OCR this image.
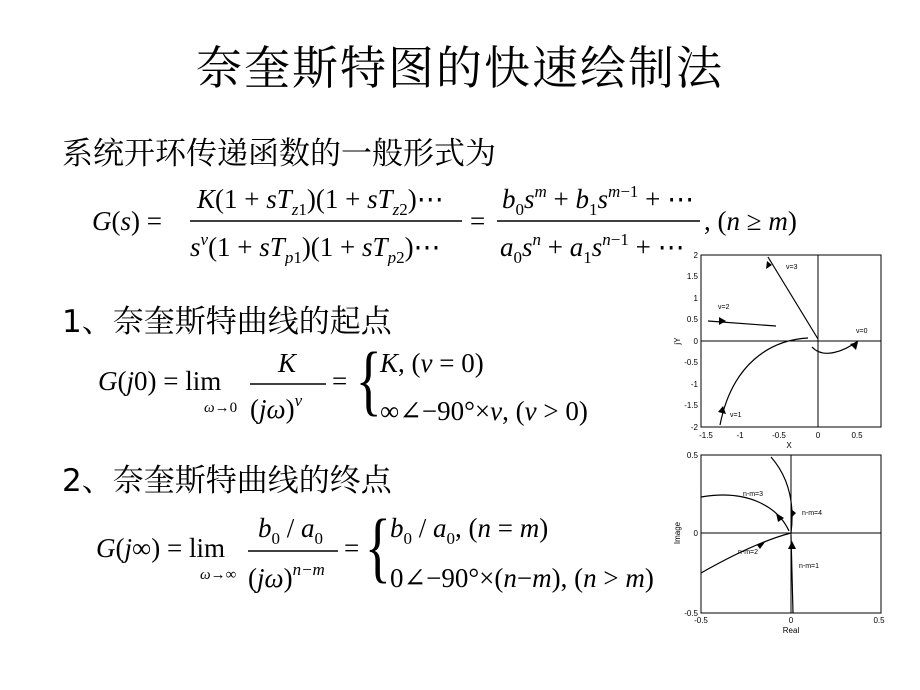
奈奎斯特图的快速绘制法
系统开环传递函数的一般形式为
G(s) =
$K(1 + sT_z1)(1$ + $sT_z2)\cdots$
$s^v(1 + sT_p1)(1$ + $sT_p2)\cdots$
=
$b_0s^m + b_1s^m-1$ + ⋯
$a_0s^n + a_1s^n-1$ + ⋯
, (n ≥ m)
1、奈奎斯特曲线的起点
G(j0) = lim
ω→0
K
$(j\omega)^v$
= {
K, (v = 0)
∞∠−90°×v, (v > 0)
2、奈奎斯特曲线的终点
G(j∞) = lim
ω→∞
$b_0 / a_0$
$(j\omega)^{n-m}$
= {
$b_0 / a_0$, (n = m)
0∠−90°×(n−m), (n > m)
2
1.5
1
0.5
0
-0.5
-1
-1.5
-2
-1.5	-1	-0.5	0	0.5
X
jY
ν=3
ν=2
ν=0
ν=1
0.5
0
-0.5
-0.5	0	0.5
Real
Image
n-m=3
n-m=4
n-m=2
n-m=1
